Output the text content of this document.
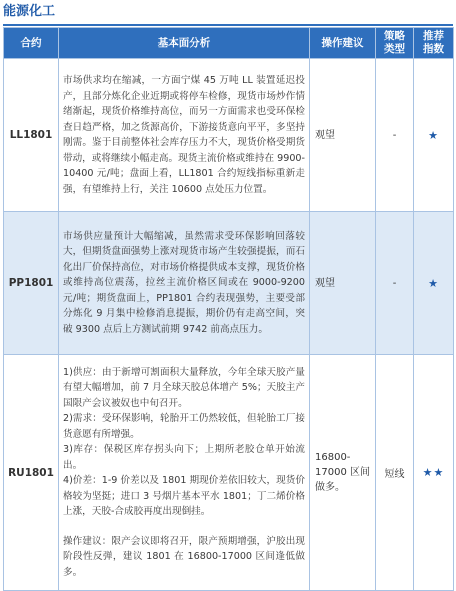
能源化工
合约	基本面分析	操作建议	策略类型	推荐指数
LL1801	市场供求均在缩减，一方面宁煤 45 万吨 LL 装置延迟投产，且部分炼化企业近期或将停车检修，现货市场炒作情绪渐起，现货价格维持高位，而另一方面需求也受环保检查日趋严格，加之货源高价，下游接货意向平平，多坚持刚需。鉴于目前整体社会库存压力不大，现货价格受期货带动，或将继续小幅走高。现货主流价格或维持在 9900-10400 元/吨；盘面上看，LL1801 合约短线指标重新走强，有望维持上行，关注 10600 点处压力位置。	观望	-	★
PP1801	市场供应量预计大幅缩减，虽然需求受环保影响回落较大，但期货盘面强势上涨对现货市场产生较强提振，而石化出厂价保持高位，对市场价格提供成本支撑，现货价格或维持高位震荡，拉丝主流价格区间或在 9000-9200 元/吨；期货盘面上，PP1801 合约表现强势，主要受部分炼化 9 月集中检修消息提振，期价仍有走高空间，突破 9300 点后上方测试前期 9742 前高点压力。	观望	-	★
RU1801	1)供应：由于新增可割面积大量释放，今年全球天胶产量有望大幅增加，前 7 月全球天胶总体增产 5%；天胶主产国限产会议被奴也中旬召开。

2)需求：受环保影响，轮胎开工仍然较低，但轮胎工厂接货意愿有所增强。

3)库存：保税区库存拐头向下；上期所老胶仓单开始流出。

4)价差：1-9 价差以及 1801 期现价差依旧较大，现货价格较为坚挺；进口 3 号烟片基本平水 1801；丁二烯价格上涨，天胶-合成胶再度出现倒挂。

操作建议：限产会议即将召开，限产预期增强，沪胶出现阶段性反弹，建议 1801 在 16800-17000 区间逢低做多。	16800-17000 区间做多。	短线	★★
